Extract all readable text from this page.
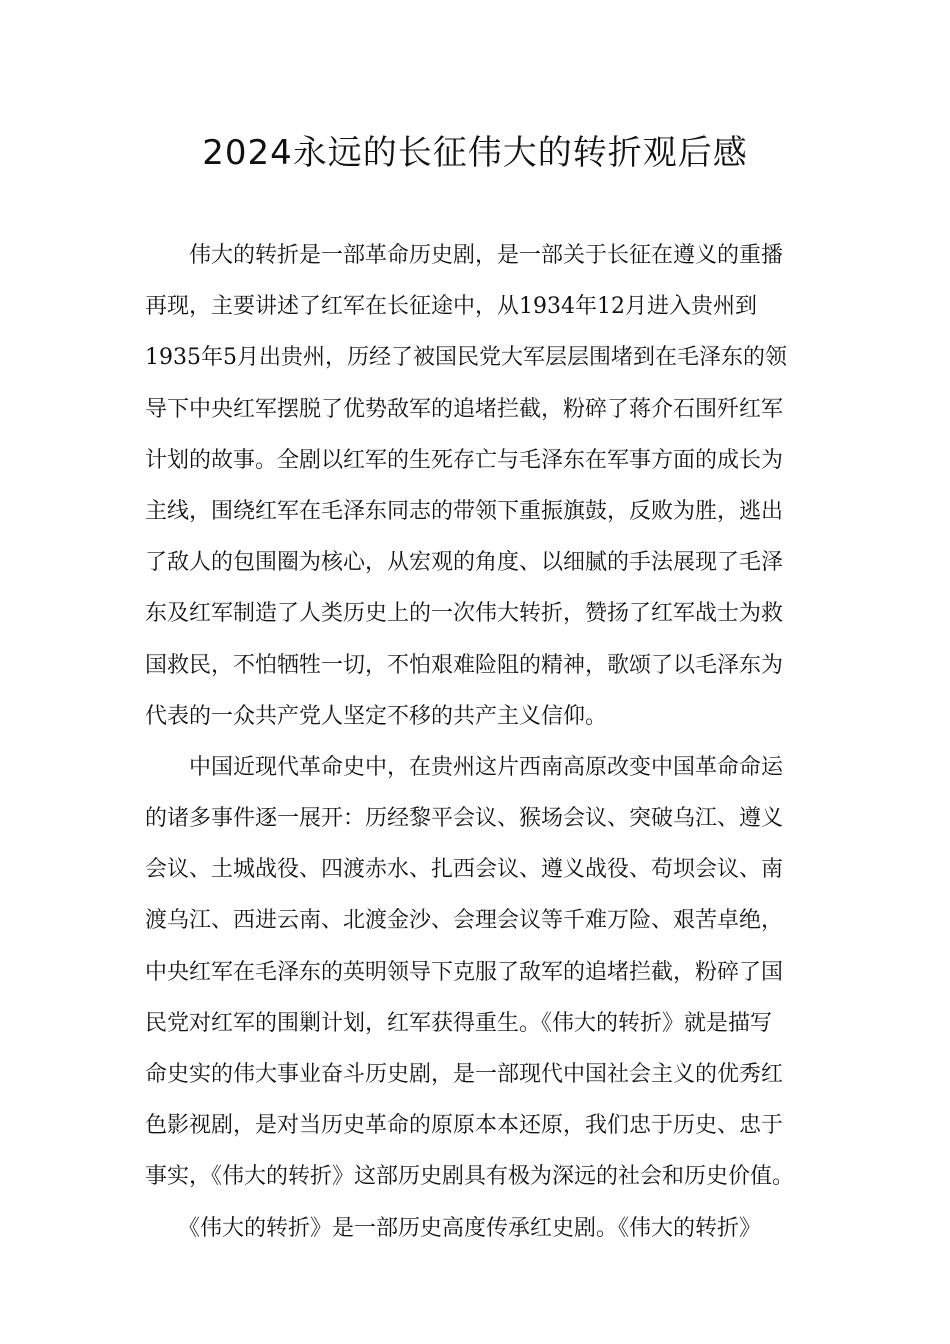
2024永远的长征伟大的转折观后感
　　伟大的转折是一部革命历史剧，是一部关于长征在遵义的重播
再现，主要讲述了红军在长征途中，从1934年12月进入贵州到
1935年5月出贵州，历经了被国民党大军层层围堵到在毛泽东的领
导下中央红军摆脱了优势敌军的追堵拦截，粉碎了蒋介石围歼红军
计划的故事。全剧以红军的生死存亡与毛泽东在军事方面的成长为
主线，围绕红军在毛泽东同志的带领下重振旗鼓，反败为胜，逃出
了敌人的包围圈为核心，从宏观的角度、以细腻的手法展现了毛泽
东及红军制造了人类历史上的一次伟大转折，赞扬了红军战士为救
国救民，不怕牺牲一切，不怕艰难险阻的精神，歌颂了以毛泽东为
代表的一众共产党人坚定不移的共产主义信仰。
　　中国近现代革命史中，在贵州这片西南高原改变中国革命命运
的诸多事件逐一展开：历经黎平会议、猴场会议、突破乌江、遵义
会议、土城战役、四渡赤水、扎西会议、遵义战役、苟坝会议、南
渡乌江、西进云南、北渡金沙、会理会议等千难万险、艰苦卓绝，
中央红军在毛泽东的英明领导下克服了敌军的追堵拦截，粉碎了国
民党对红军的围剿计划，红军获得重生。《伟大的转折》就是描写
命史实的伟大事业奋斗历史剧，是一部现代中国社会主义的优秀红
色影视剧，是对当历史革命的原原本本还原，我们忠于历史、忠于
事实，《伟大的转折》这部历史剧具有极为深远的社会和历史价值。
　　《伟大的转折》是一部历史高度传承红史剧。《伟大的转折》
